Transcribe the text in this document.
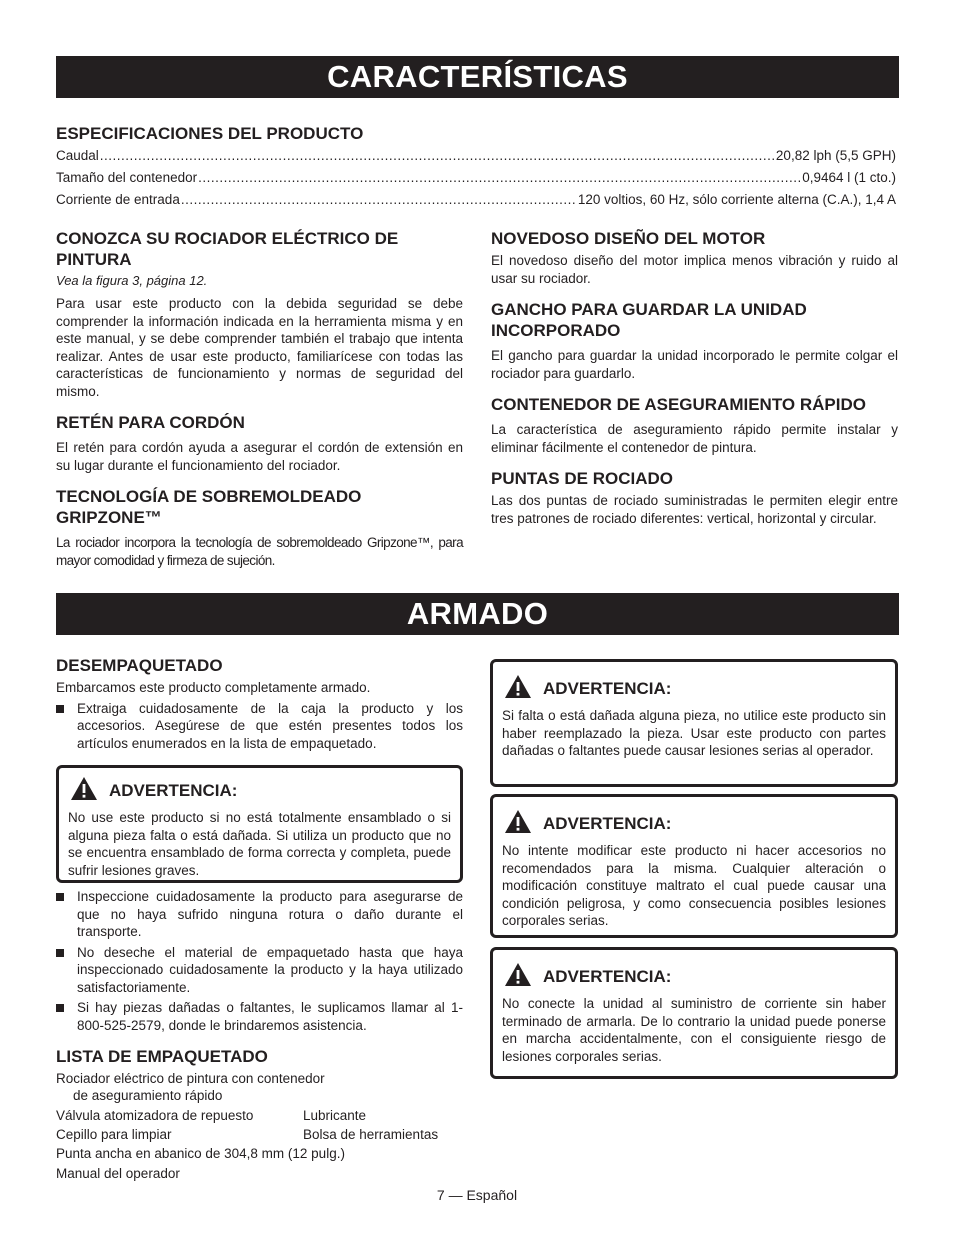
CARACTERÍSTICAS
ESPECIFICACIONES DEL PRODUCTO
Caudal .....	20,82 lph (5,5 GPH)
Tamaño del contenedor .....	0,9464 l (1 cto.)
Corriente de entrada .....	120 voltios, 60 Hz, sólo corriente alterna (C.A.), 1,4 A

CONOZCA SU ROCIADOR ELÉCTRICO DE PINTURA

Vea la figura 3, página 12.

Para usar este producto con la debida seguridad se debe comprender la información indicada en la herramienta misma y en este manual, y se debe comprender también el trabajo que intenta realizar. Antes de usar este producto, familiarícese con todas las características de funcionamiento y normas de seguridad del mismo.

RETÉN PARA CORDÓN

El retén para cordón ayuda a asegurar el cordón de extensión en su lugar durante el funcionamiento del rociador.

TECNOLOGÍA DE SOBREMOLDEADO GRIPZONE™

La rociador incorpora la tecnología de sobremoldeado Gripzone™, para mayor comodidad y firmeza de sujeción.

NOVEDOSO DISEÑO DEL MOTOR

El novedoso diseño del motor implica menos vibración y ruido al usar su rociador.

GANCHO PARA GUARDAR LA UNIDAD INCORPORADO

El gancho para guardar la unidad incorporado le permite colgar el rociador para guardarlo.

CONTENEDOR DE ASEGURAMIENTO RÁPIDO

La característica de aseguramiento rápido permite instalar y eliminar fácilmente el contenedor de pintura.

PUNTAS DE ROCIADO

Las dos puntas de rociado suministradas le permiten elegir entre tres patrones de rociado diferentes: vertical, horizontal y circular.

ARMADO

DESEMPAQUETADO

Embarcamos este producto completamente armado.

Extraiga cuidadosamente de la caja la producto y los accesorios. Asegúrese de que estén presentes todos los artículos enumerados en la lista de empaquetado.
ADVERTENCIA:

No use este producto si no está totalmente ensamblado o si alguna pieza falta o está dañada. Si utiliza un producto que no se encuentra ensamblado de forma correcta y completa, puede sufrir lesiones graves.

Inspeccione cuidadosamente la producto para asegurarse de que no haya sufrido ninguna rotura o daño durante el transporte.
No deseche el material de empaquetado hasta que haya inspeccionado cuidadosamente la producto y la haya utilizado satisfactoriamente.
Si hay piezas dañadas o faltantes, le suplicamos llamar al 1-800-525-2579, donde le brindaremos asistencia.
LISTA DE EMPAQUETADO
Rociador eléctrico de pintura con contenedor
de aseguramiento rápido
Válvula atomizadora de repuesto	Lubricante
Cepillo para limpiar	Bolsa de herramientas
Punta ancha en abanico de 304,8 mm (12 pulg.)
Manual del operador
ADVERTENCIA:

Si falta o está dañada alguna pieza, no utilice este producto sin haber reemplazado la pieza. Usar este producto con partes dañadas o faltantes puede causar lesiones serias al operador.

ADVERTENCIA:

No intente modificar este producto ni hacer accesorios no recomendados para la misma. Cualquier alteración o modificación constituye maltrato el cual puede causar una condición peligrosa, y como consecuencia posibles lesiones corporales serias.

ADVERTENCIA:

No conecte la unidad al suministro de corriente sin haber terminado de armarla. De lo contrario la unidad puede ponerse en marcha accidentalmente, con el consiguiente riesgo de lesiones corporales serias.

7 — Español
